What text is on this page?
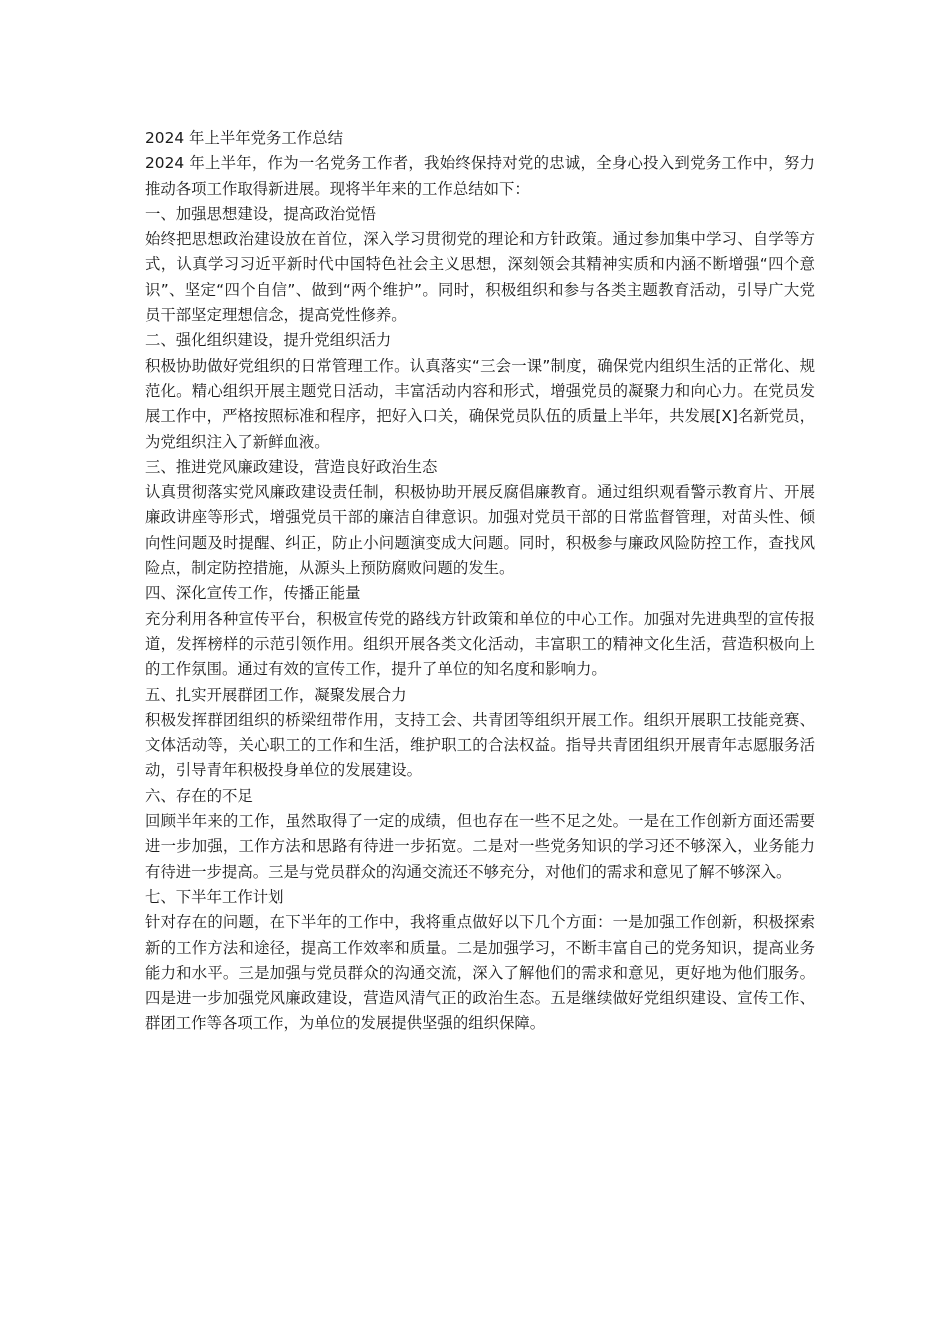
2024 年上半年党务工作总结

2024 年上半年，作为一名党务工作者，我始终保持对党的忠诚，全身心投入到党务工作中，努力推动各项工作取得新进展。现将半年来的工作总结如下：

一、加强思想建设，提高政治觉悟

始终把思想政治建设放在首位，深入学习贯彻党的理论和方针政策。通过参加集中学习、自学等方式，认真学习习近平新时代中国特色社会主义思想，深刻领会其精神实质和内涵不断增强“四个意识”、坚定“四个自信”、做到“两个维护”。同时，积极组织和参与各类主题教育活动，引导广大党员干部坚定理想信念，提高党性修养。

二、强化组织建设，提升党组织活力

积极协助做好党组织的日常管理工作。认真落实“三会一课”制度，确保党内组织生活的正常化、规范化。精心组织开展主题党日活动，丰富活动内容和形式，增强党员的凝聚力和向心力。在党员发展工作中，严格按照标准和程序，把好入口关，确保党员队伍的质量上半年，共发展[X]名新党员，为党组织注入了新鲜血液。

三、推进党风廉政建设，营造良好政治生态

认真贯彻落实党风廉政建设责任制，积极协助开展反腐倡廉教育。通过组织观看警示教育片、开展廉政讲座等形式，增强党员干部的廉洁自律意识。加强对党员干部的日常监督管理，对苗头性、倾向性问题及时提醒、纠正，防止小问题演变成大问题。同时，积极参与廉政风险防控工作，查找风险点，制定防控措施，从源头上预防腐败问题的发生。

四、深化宣传工作，传播正能量

充分利用各种宣传平台，积极宣传党的路线方针政策和单位的中心工作。加强对先进典型的宣传报道，发挥榜样的示范引领作用。组织开展各类文化活动，丰富职工的精神文化生活，营造积极向上的工作氛围。通过有效的宣传工作，提升了单位的知名度和影响力。

五、扎实开展群团工作，凝聚发展合力

积极发挥群团组织的桥梁纽带作用，支持工会、共青团等组织开展工作。组织开展职工技能竞赛、文体活动等，关心职工的工作和生活，维护职工的合法权益。指导共青团组织开展青年志愿服务活动，引导青年积极投身单位的发展建设。

六、存在的不足

回顾半年来的工作，虽然取得了一定的成绩，但也存在一些不足之处。一是在工作创新方面还需要进一步加强，工作方法和思路有待进一步拓宽。二是对一些党务知识的学习还不够深入，业务能力有待进一步提高。三是与党员群众的沟通交流还不够充分，对他们的需求和意见了解不够深入。

七、下半年工作计划

针对存在的问题，在下半年的工作中，我将重点做好以下几个方面：一是加强工作创新，积极探索新的工作方法和途径，提高工作效率和质量。二是加强学习，不断丰富自己的党务知识，提高业务能力和水平。三是加强与党员群众的沟通交流，深入了解他们的需求和意见，更好地为他们服务。四是进一步加强党风廉政建设，营造风清气正的政治生态。五是继续做好党组织建设、宣传工作、群团工作等各项工作，为单位的发展提供坚强的组织保障。
